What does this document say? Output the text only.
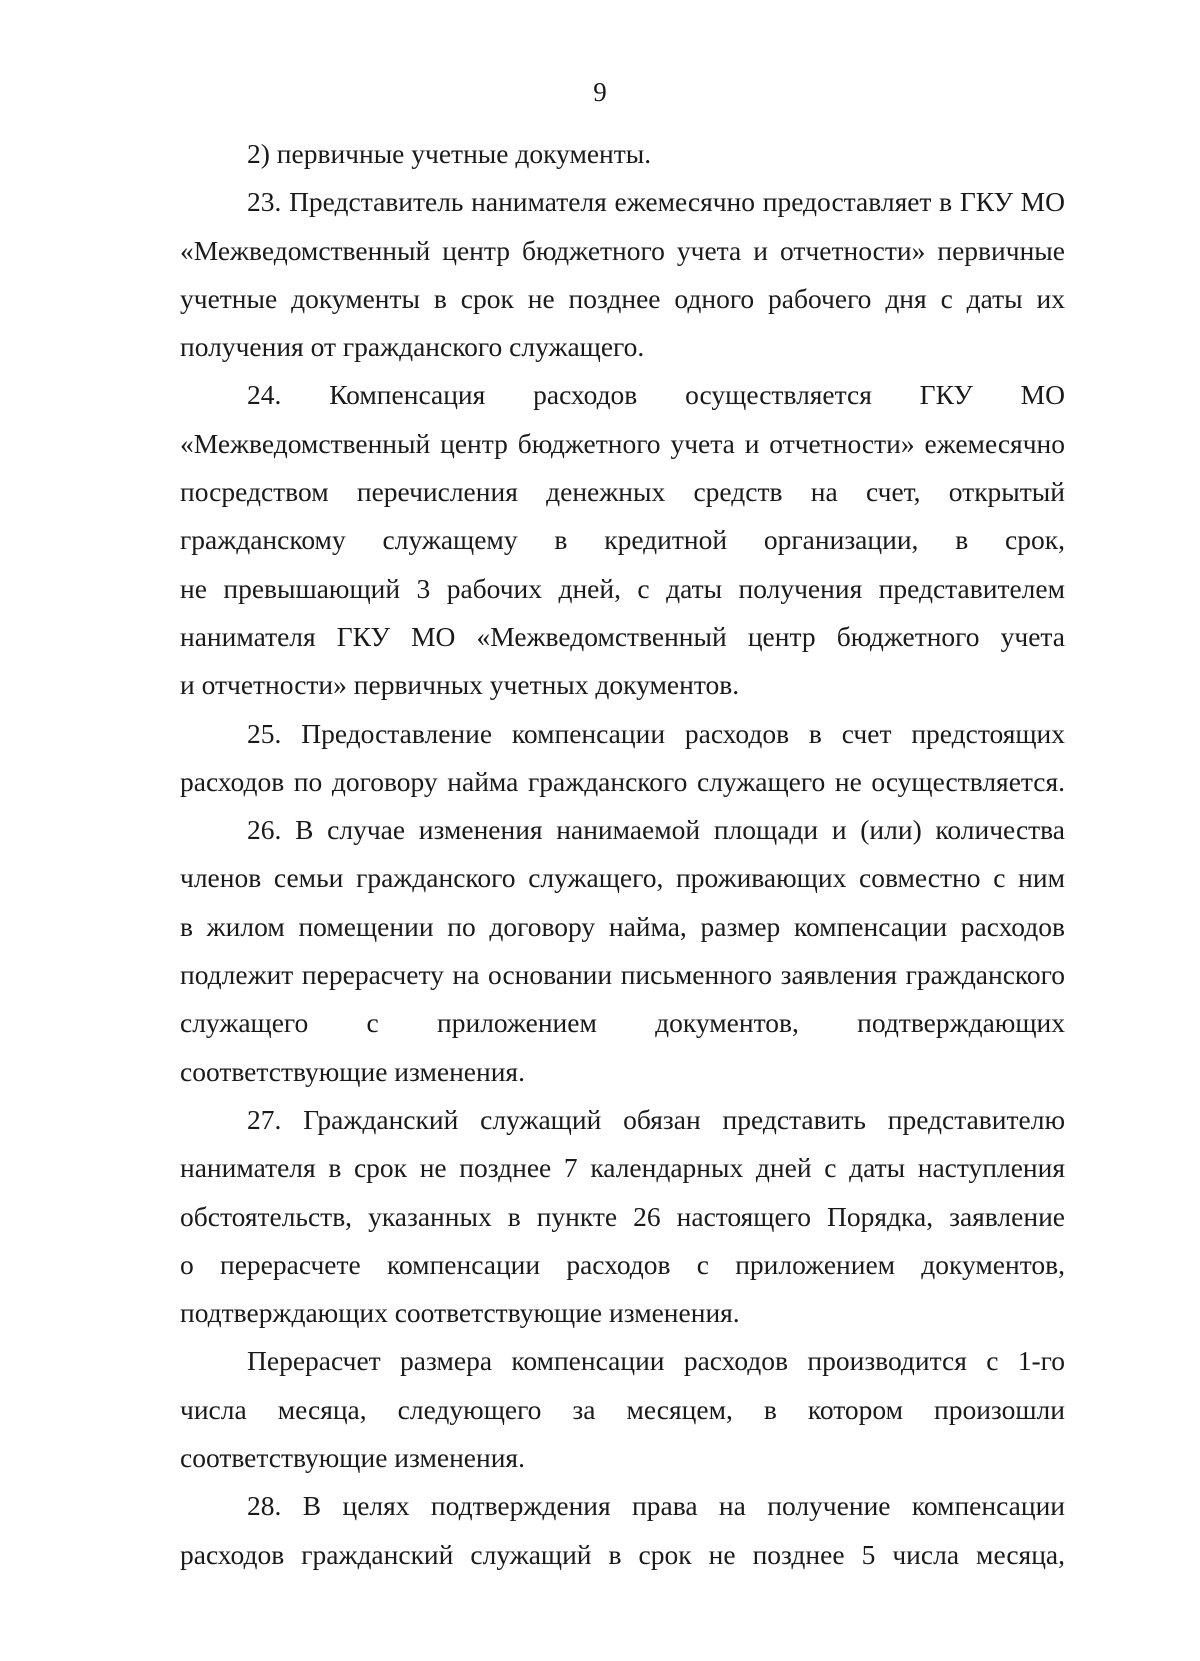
9
2) первичные учетные документы.
23. Представитель нанимателя ежемесячно предоставляет в ГКУ МО
«Межведомственный центр бюджетного учета и отчетности» первичные
учетные документы в срок не позднее одного рабочего дня с даты их
получения от гражданского служащего.
24. Компенсация расходов осуществляется ГКУ МО
«Межведомственный центр бюджетного учета и отчетности» ежемесячно
посредством перечисления денежных средств на счет, открытый
гражданскому служащему в кредитной организации, в срок,
не превышающий 3 рабочих дней, с даты получения представителем
нанимателя ГКУ МО «Межведомственный центр бюджетного учета
и отчетности» первичных учетных документов.
25. Предоставление компенсации расходов в счет предстоящих
расходов по договору найма гражданского служащего не осуществляется.
26. В случае изменения нанимаемой площади и (или) количества
членов семьи гражданского служащего, проживающих совместно с ним
в жилом помещении по договору найма, размер компенсации расходов
подлежит перерасчету на основании письменного заявления гражданского
служащего с приложением документов, подтверждающих
соответствующие изменения.
27. Гражданский служащий обязан представить представителю
нанимателя в срок не позднее 7 календарных дней с даты наступления
обстоятельств, указанных в пункте 26 настоящего Порядка, заявление
о перерасчете компенсации расходов с приложением документов,
подтверждающих соответствующие изменения.
Перерасчет размера компенсации расходов производится с 1-го
числа месяца, следующего за месяцем, в котором произошли
соответствующие изменения.
28. В целях подтверждения права на получение компенсации
расходов гражданский служащий в срок не позднее 5 числа месяца,
